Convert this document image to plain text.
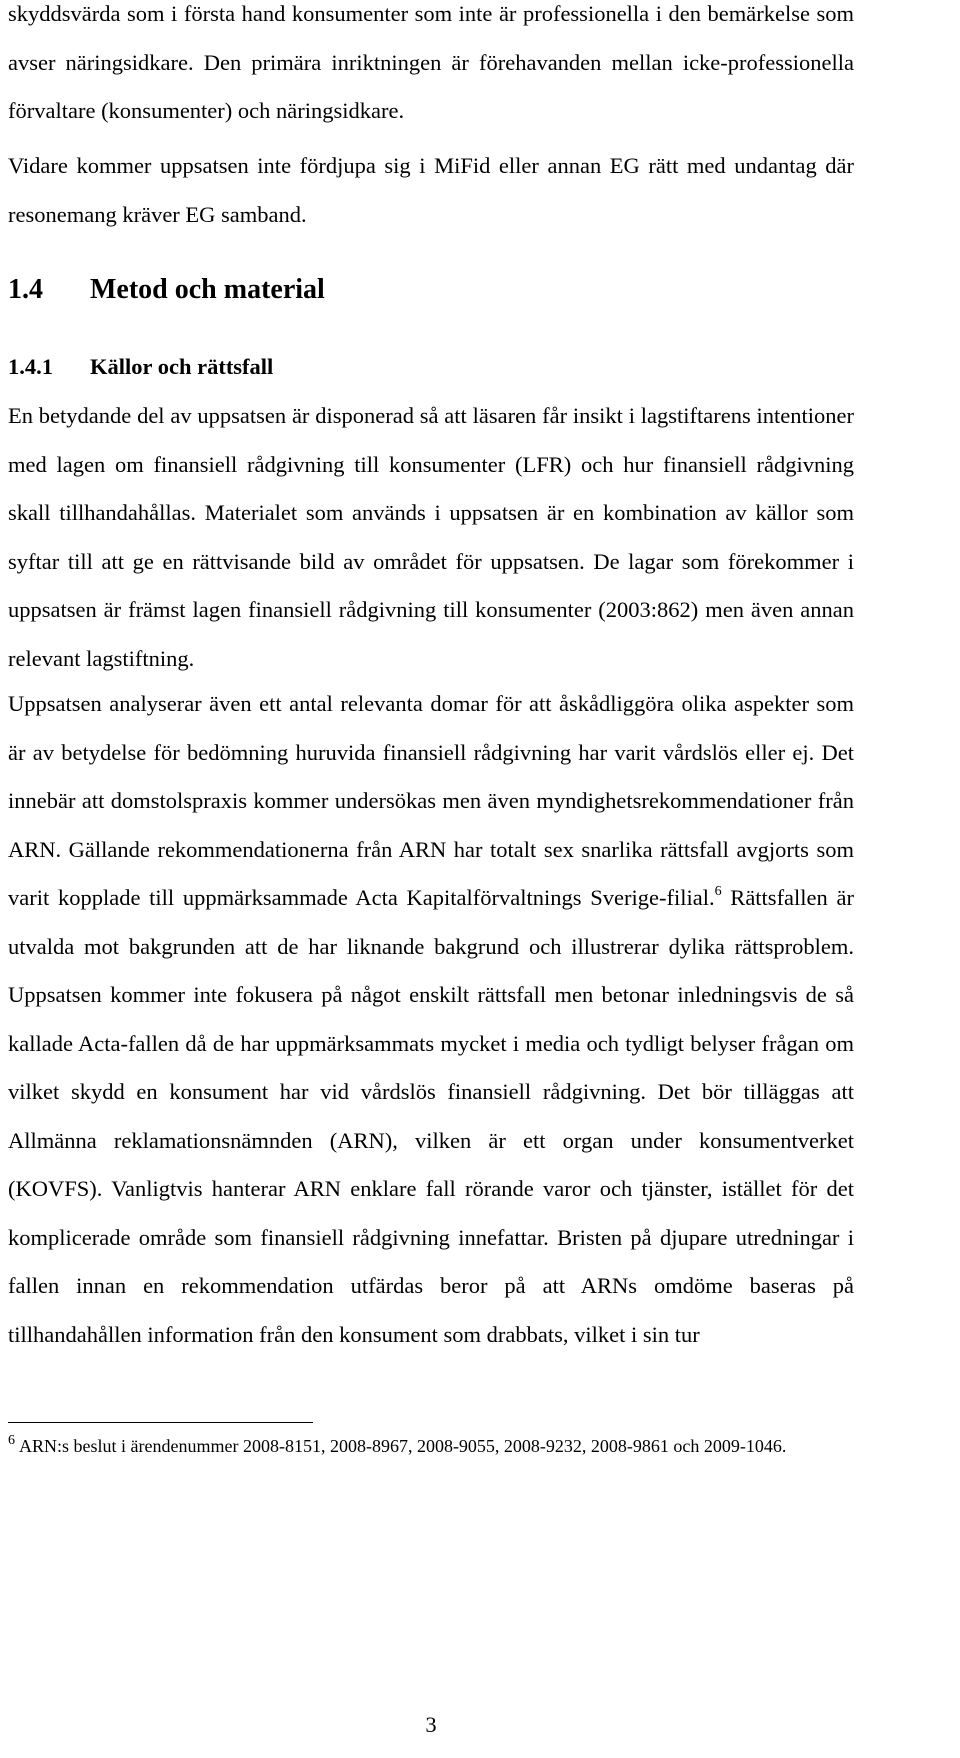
skyddsvärda som i första hand konsumenter som inte är professionella i den bemärkelse som avser näringsidkare. Den primära inriktningen är förehavanden mellan icke-professionella förvaltare (konsumenter) och näringsidkare.

Vidare kommer uppsatsen inte fördjupa sig i MiFid eller annan EG rätt med undantag där resonemang kräver EG samband.

1.4 Metod och material
1.4.1 Källor och rättsfall

En betydande del av uppsatsen är disponerad så att läsaren får insikt i lagstiftarens intentioner med lagen om finansiell rådgivning till konsumenter (LFR) och hur finansiell rådgivning skall tillhandahållas. Materialet som används i uppsatsen är en kombination av källor som syftar till att ge en rättvisande bild av området för uppsatsen. De lagar som förekommer i uppsatsen är främst lagen finansiell rådgivning till konsumenter (2003:862) men även annan relevant lagstiftning.

Uppsatsen analyserar även ett antal relevanta domar för att åskådliggöra olika aspekter som är av betydelse för bedömning huruvida finansiell rådgivning har varit vårdslös eller ej. Det innebär att domstolspraxis kommer undersökas men även myndighetsrekommendationer från ARN. Gällande rekommendationerna från ARN har totalt sex snarlika rättsfall avgjorts som varit kopplade till uppmärksammade Acta Kapitalförvaltnings Sverige-filial.$^6$ Rättsfallen är utvalda mot bakgrunden att de har liknande bakgrund och illustrerar dylika rättsproblem. Uppsatsen kommer inte fokusera på något enskilt rättsfall men betonar inledningsvis de så kallade Acta-fallen då de har uppmärksammats mycket i media och tydligt belyser frågan om vilket skydd en konsument har vid vårdslös finansiell rådgivning. Det bör tilläggas att Allmänna reklamationsnämnden (ARN), vilken är ett organ under konsumentverket (KOVFS). Vanligtvis hanterar ARN enklare fall rörande varor och tjänster, istället för det komplicerade område som finansiell rådgivning innefattar. Bristen på djupare utredningar i fallen innan en rekommendation utfärdas beror på att ARNs omdöme baseras på tillhandahållen information från den konsument som drabbats, vilket i sin tur

$^6$ ARN:s beslut i ärendenummer 2008-8151, 2008-8967, 2008-9055, 2008-9232, 2008-9861 och 2009-1046.

3
